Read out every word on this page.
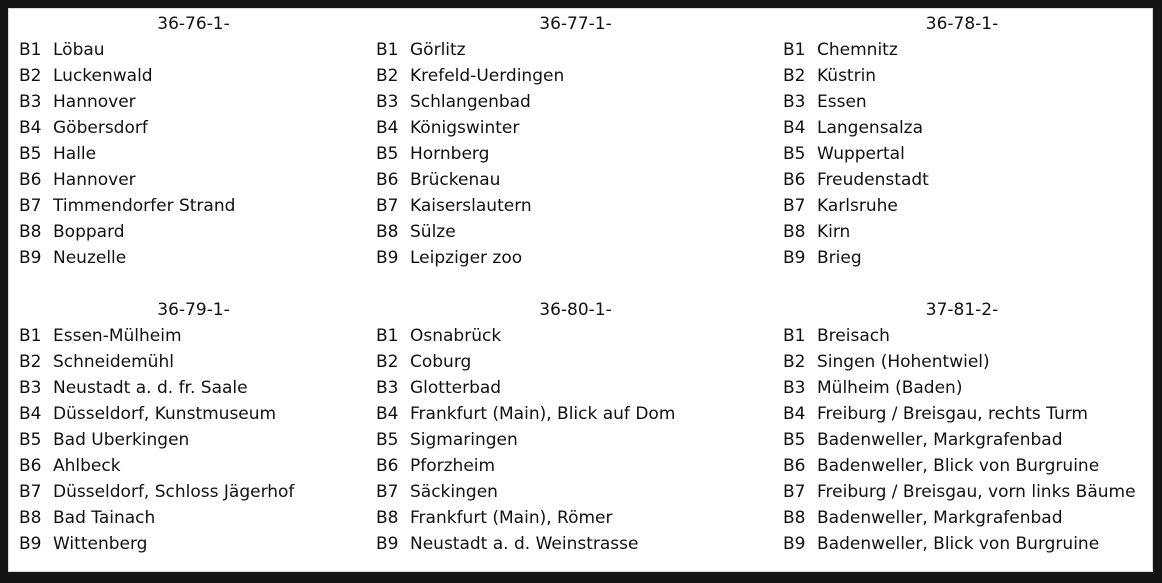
36-76-1-
B1 Löbau
B2 Luckenwald
B3 Hannover
B4 Göbersdorf
B5 Halle
B6 Hannover
B7 Timmendorfer Strand
B8 Boppard
B9 Neuzelle
36-77-1-
B1 Görlitz
B2 Krefeld-Uerdingen
B3 Schlangenbad
B4 Königswinter
B5 Hornberg
B6 Brückenau
B7 Kaiserslautern
B8 Sülze
B9 Leipziger zoo
36-78-1-
B1 Chemnitz
B2 Küstrin
B3 Essen
B4 Langensalza
B5 Wuppertal
B6 Freudenstadt
B7 Karlsruhe
B8 Kirn
B9 Brieg
36-79-1-
B1 Essen-Mülheim
B2 Schneidemühl
B3 Neustadt a. d. fr. Saale
B4 Düsseldorf, Kunstmuseum
B5 Bad Uberkingen
B6 Ahlbeck
B7 Düsseldorf, Schloss Jägerhof
B8 Bad Tainach
B9 Wittenberg
36-80-1-
B1 Osnabrück
B2 Coburg
B3 Glotterbad
B4 Frankfurt (Main), Blick auf Dom
B5 Sigmaringen
B6 Pforzheim
B7 Säckingen
B8 Frankfurt (Main), Römer
B9 Neustadt a. d. Weinstrasse
37-81-2-
B1 Breisach
B2 Singen (Hohentwiel)
B3 Mülheim (Baden)
B4 Freiburg / Breisgau, rechts Turm
B5 Badenweller, Markgrafenbad
B6 Badenweller, Blick von Burgruine
B7 Freiburg / Breisgau, vorn links Bäume
B8 Badenweller, Markgrafenbad
B9 Badenweller, Blick von Burgruine
